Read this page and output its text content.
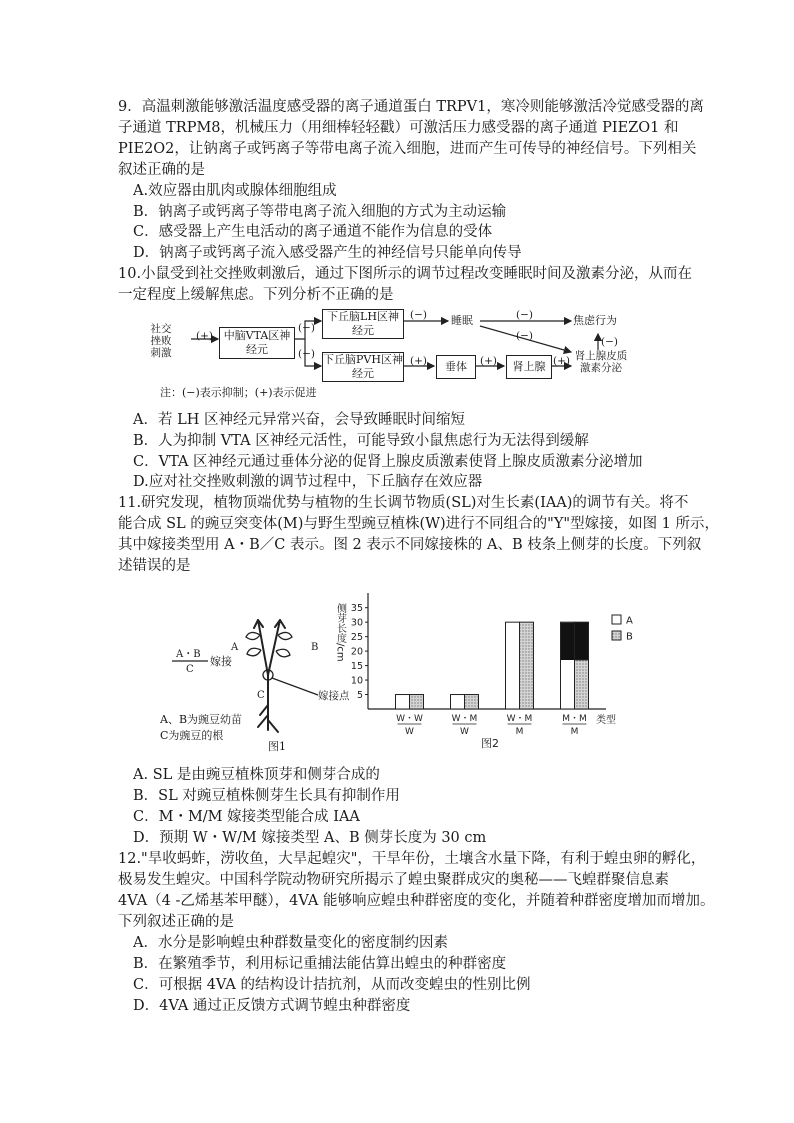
9．高温刺激能够激活温度感受器的离子通道蛋白 TRPV1，寒冷则能够激活冷觉感受器的离
子通道 TRPM8，机械压力（用细棒轻轻戳）可激活压力感受器的离子通道 PIEZO1 和
PIE2O2，让钠离子或钙离子等带电离子流入细胞，进而产生可传导的神经信号。下列相关
叙述正确的是
A.效应器由肌肉或腺体细胞组成
B．钠离子或钙离子等带电离子流入细胞的方式为主动运输
C．感受器上产生电活动的离子通道不能作为信息的受体
D．钠离子或钙离子流入感受器产生的神经信号只能单向传导
10.小鼠受到社交挫败刺激后，通过下图所示的调节过程改变睡眠时间及激素分泌，从而在
一定程度上缓解焦虑。下列分析不正确的是
社交挫败刺激
中脑VTA区神经元
下丘脑LH区神经元
下丘脑PVH区神经元
睡眠	焦虑行为
垂体	肾上腺
肾上腺皮质激素分泌
(+)
(−)
(−)
(−)	(−)
(−)
(+)	(+)	(+)
(−)
注：(−)表示抑制；(+)表示促进
A．若 LH 区神经元异常兴奋，会导致睡眠时间缩短
B．人为抑制 VTA 区神经元活性，可能导致小鼠焦虑行为无法得到缓解
C．VTA 区神经元通过垂体分泌的促肾上腺皮质激素使肾上腺皮质激素分泌增加
D.应对社交挫败刺激的调节过程中，下丘脑存在效应器
11.研究发现，植物顶端优势与植物的生长调节物质(SL)对生长素(IAA)的调节有关。将不
能合成 SL 的豌豆突变体(M)与野生型豌豆植株(W)进行不同组合的"Y"型嫁接，如图 1 所示，
其中嫁接类型用 A・B／C 表示。图 2 表示不同嫁接株的 A、B 枝条上侧芽的长度。下列叙
述错误的是
A	B
C
A・B
C
嫁接
嫁接点
A、B为豌豆幼苗
C为豌豆的根
图1
5
10
15
20
25
30
35
侧芽长度/cm
W・W
W
W・M
W
W・M
M
M・M
M
类型
A
B
图2
A. SL 是由豌豆植株顶芽和侧芽合成的
B．SL 对豌豆植株侧芽生长具有抑制作用
C．M・M/M 嫁接类型能合成 IAA
D．预期 W・W/M 嫁接类型 A、B 侧芽长度为 30 cm
12."旱收蚂蚱，涝收鱼，大旱起蝗灾"，干旱年份，土壤含水量下降，有利于蝗虫卵的孵化，
极易发生蝗灾。中国科学院动物研究所揭示了蝗虫聚群成灾的奥秘——飞蝗群聚信息素
4VA（4 -乙烯基苯甲醚），4VA 能够响应蝗虫种群密度的变化，并随着种群密度增加而增加。
下列叙述正确的是
A．水分是影响蝗虫种群数量变化的密度制约因素
B．在繁殖季节，利用标记重捕法能估算出蝗虫的种群密度
C．可根据 4VA 的结构设计拮抗剂，从而改变蝗虫的性别比例
D．4VA 通过正反馈方式调节蝗虫种群密度
